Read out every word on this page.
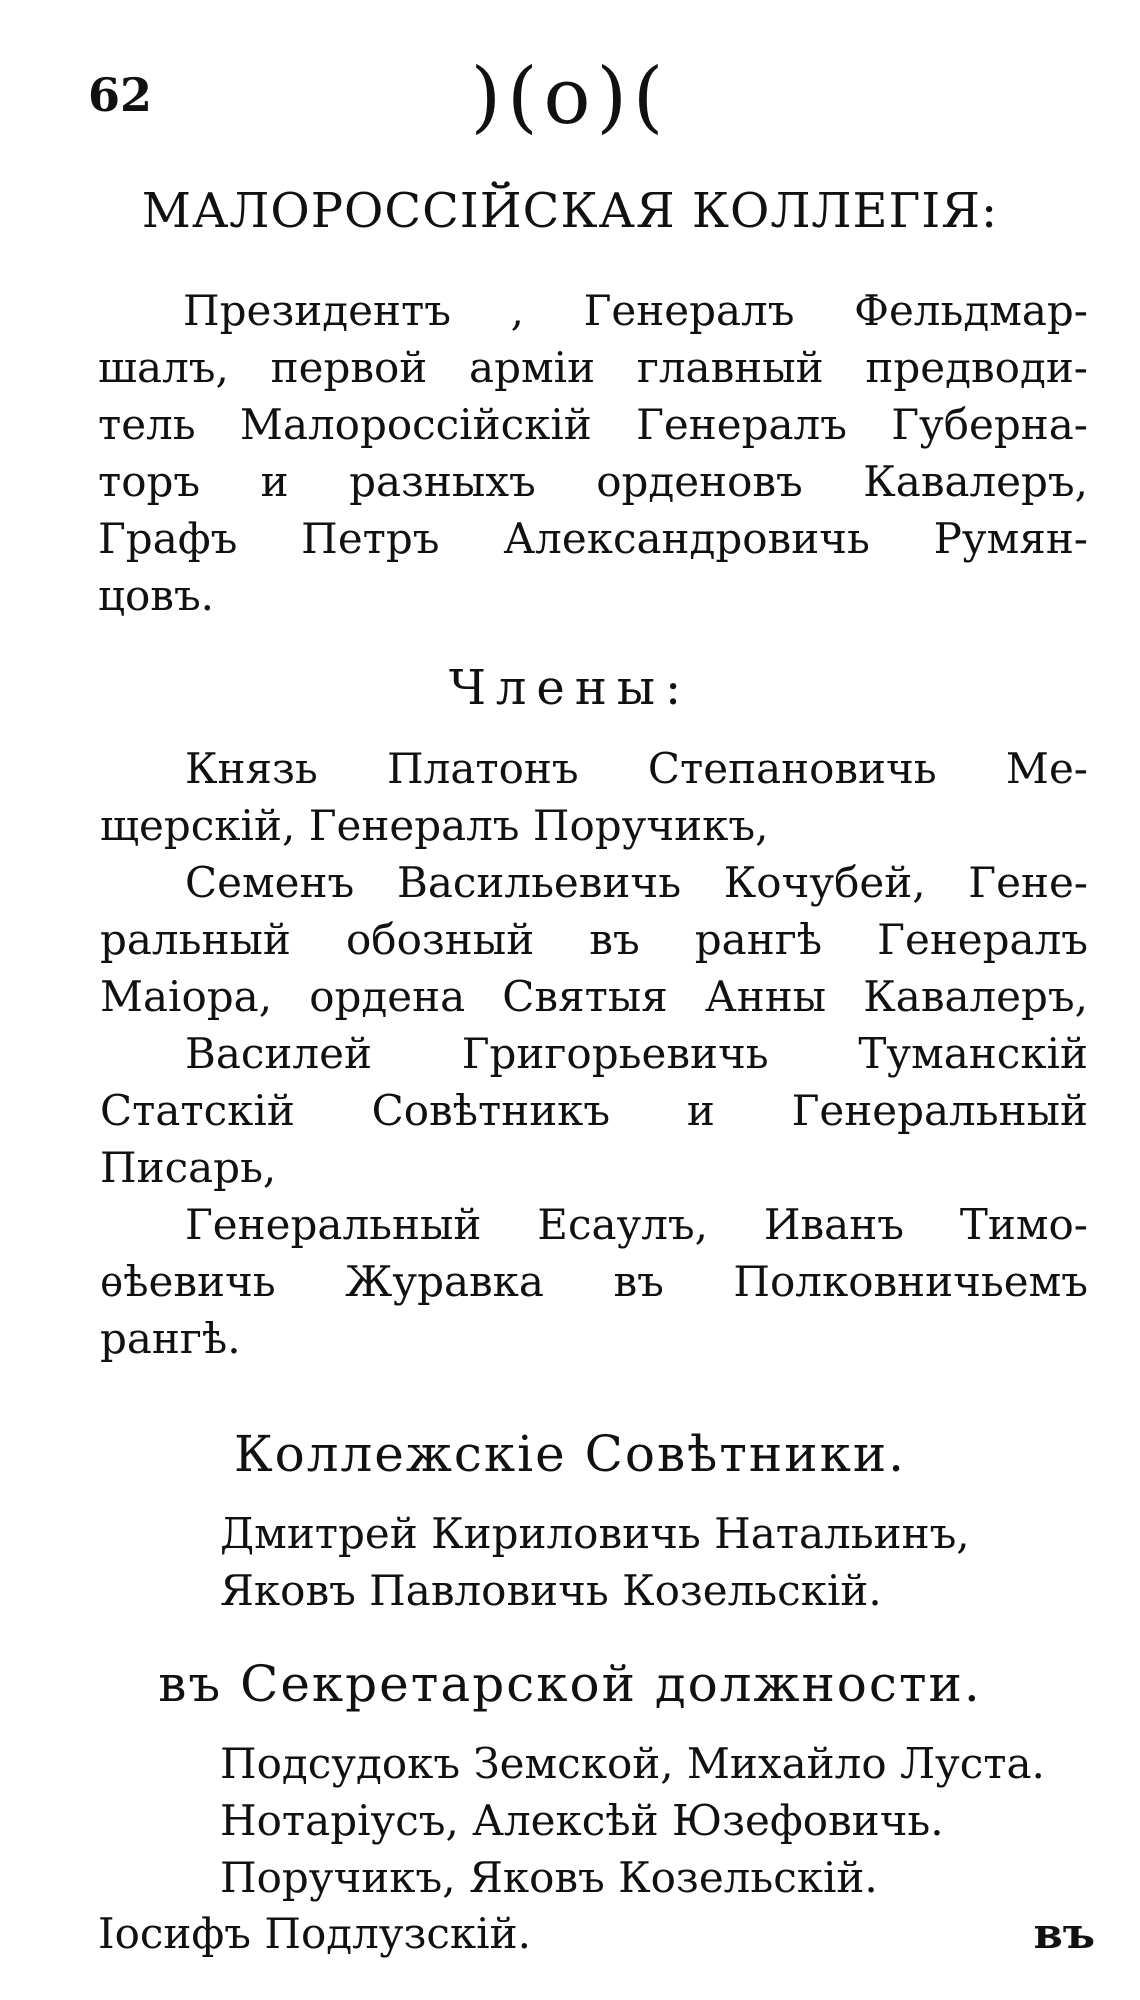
62	)(o)(
МАЛОРОССІЙСКАЯ КОЛЛЕГІЯ:
Президентъ , Генералъ Фельдмар-
шалъ, первой арміи главный предводи-
тель Малороссійскій Генералъ Губерна-
торъ и разныхъ орденовъ Кавалеръ,
Графъ Петръ Александровичь Румян-
цовъ.
Члены:
Князь Платонъ Степановичь Ме-
щерскій, Генералъ Поручикъ,
Семенъ Васильевичь Кочубей, Гене-
ральный обозный въ рангѣ Генералъ
Маіора, ордена Святыя Анны Кавалеръ,
Василей Григорьевичь Туманскій
Статскій Совѣтникъ и Генеральный
Писарь,
Генеральный Есаулъ, Иванъ Тимо-
ѳѣевичь Журавка въ Полковничьемъ
рангѣ.
Коллежскіе Совѣтники.
Дмитрей Кириловичь Натальинъ,
Яковъ Павловичь Козельскій.
въ Секретарской должности.
Подсудокъ Земской, Михайло Луста.
Нотаріусъ, Алексѣй Юзефовичь.
Поручикъ, Яковъ Козельскій.
Іосифъ Подлузскій.	въ
